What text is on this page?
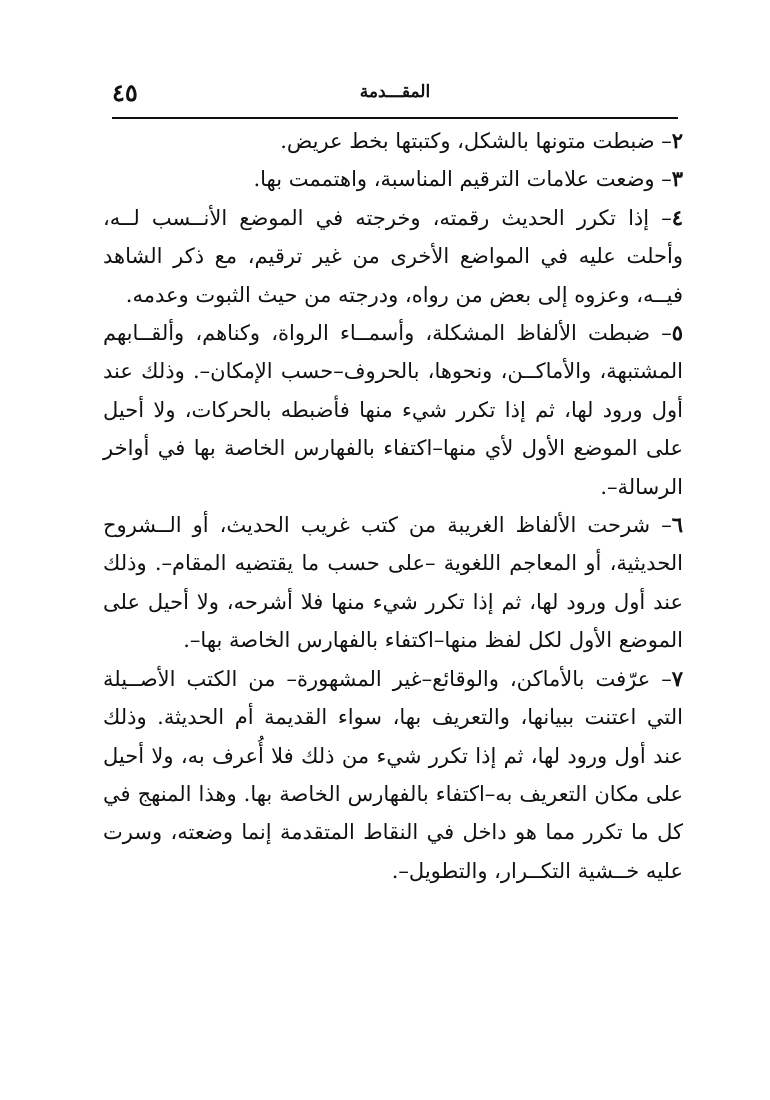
٤٥	المقـــدمة

٢– ضبطت متونها بالشكل، وكتبتها بخط عريض.

٣– وضعت علامات الترقيم المناسبة، واهتممت بها.

٤– إذا تكرر الحديث رقمته، وخرجته في الموضع الأنــسب لــه، وأحلت عليه في المواضع الأخرى من غير ترقيم، مع ذكر الشاهد فيــه، وعزوه إلى بعض من رواه، ودرجته من حيث الثبوت وعدمه.

٥– ضبطت الألفاظ المشكلة، وأسمــاء الرواة، وكناهم، وألقــابهم المشتبهة، والأماكــن، ونحوها، بالحروف–حسب الإمكان–. وذلك عند أول ورود لها، ثم إذا تكرر شيء منها فأضبطه بالحركات، ولا أحيل على الموضع الأول لأي منها–اكتفاء بالفهارس الخاصة بها في أواخر الرسالة–.

٦– شرحت الألفاظ الغريبة من كتب غريب الحديث، أو الــشروح الحديثية، أو المعاجم اللغوية –على حسب ما يقتضيه المقام–. وذلك عند أول ورود لها، ثم إذا تكرر شيء منها فلا أشرحه، ولا أحيل على الموضع الأول لكل لفظ منها–اكتفاء بالفهارس الخاصة بها–.

٧– عرّفت بالأماكن، والوقائع–غير المشهورة– من الكتب الأصــيلة التي اعتنت ببيانها، والتعريف بها، سواء القديمة أم الحديثة. وذلك عند أول ورود لها، ثم إذا تكرر شيء من ذلك فلا أُعرف به، ولا أحيل على مكان التعريف به–اكتفاء بالفهارس الخاصة بها. وهذا المنهج في كل ما تكرر مما هو داخل في النقاط المتقدمة إنما وضعته، وسرت عليه خــشية التكــرار، والتطويل–.
